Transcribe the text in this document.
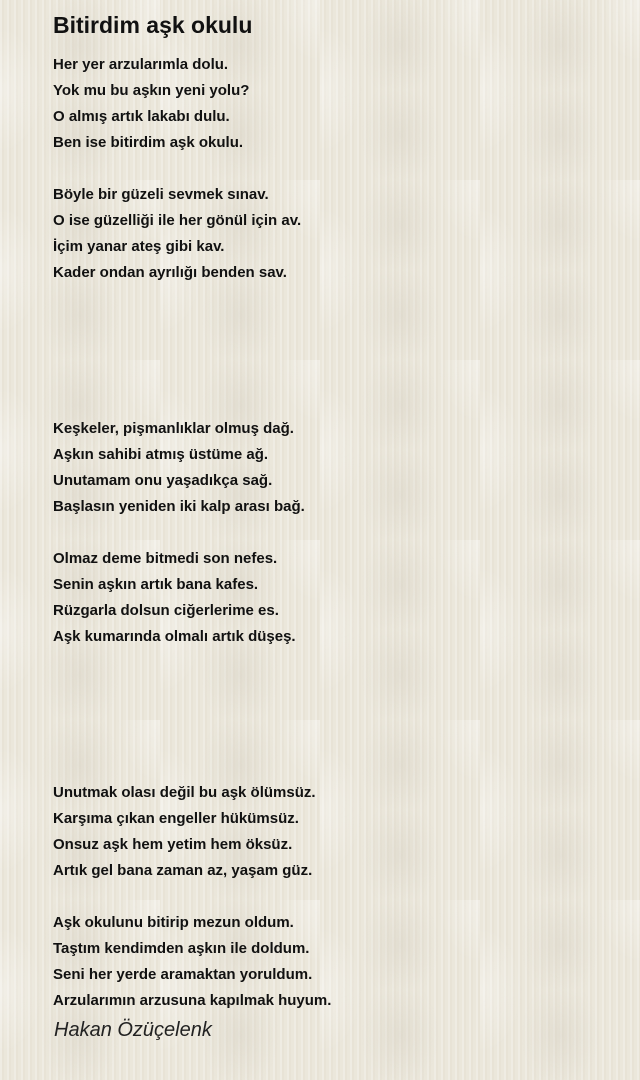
Bitirdim aşk okulu
Her yer arzularımla dolu.
Yok mu bu aşkın yeni yolu?
O almış artık lakabı dulu.
Ben ise bitirdim aşk okulu.
Böyle bir güzeli sevmek sınav.
O ise güzelliği ile her gönül için av.
İçim yanar ateş gibi kav.
Kader ondan ayrılığı benden sav.
Keşkeler, pişmanlıklar olmuş dağ.
Aşkın sahibi atmış üstüme ağ.
Unutamam onu yaşadıkça sağ.
Başlasın yeniden iki kalp arası bağ.
Olmaz deme bitmedi son nefes.
Senin aşkın artık bana kafes.
Rüzgarla dolsun ciğerlerime es.
Aşk kumarında olmalı artık düşeş.
Unutmak olası değil bu aşk ölümsüz.
Karşıma çıkan engeller hükümsüz.
Onsuz aşk hem yetim hem öksüz.
Artık gel bana zaman az, yaşam güz.
Aşk okulunu bitirip mezun oldum.
Taştım kendimden aşkın ile doldum.
Seni her yerde aramaktan yoruldum.
Arzularımın arzusuna kapılmak huyum.
Hakan Özüçelenk
